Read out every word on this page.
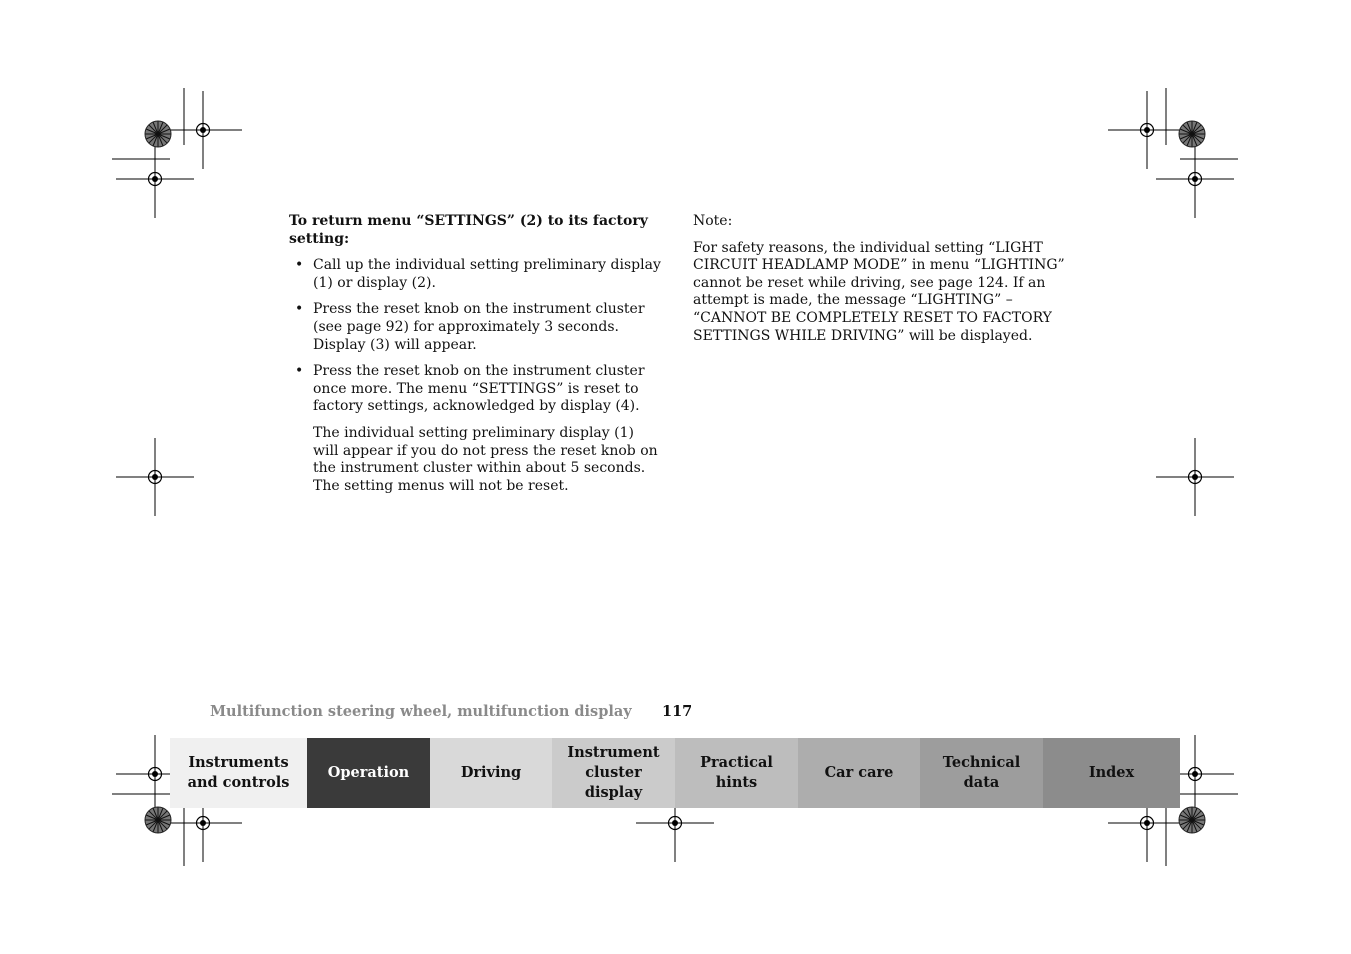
To return menu “SETTINGS” (2) to its factory setting:

• Call up the individual setting preliminary display (1) or display (2).
• Press the reset knob on the instrument cluster (see page 92) for approximately 3 seconds. Display (3) will appear.
• Press the reset knob on the instrument cluster once more. The menu “SETTINGS” is reset to factory settings, acknowledged by display (4).

The individual setting preliminary display (1) will appear if you do not press the reset knob on the instrument cluster within about 5 seconds. The setting menus will not be reset.

Note:

For safety reasons, the individual setting “LIGHT CIRCUIT HEADLAMP MODE” in menu “LIGHTING” cannot be reset while driving, see page 124. If an attempt is made, the message “LIGHTING” – “CANNOT BE COMPLETELY RESET TO FACTORY SETTINGS WHILE DRIVING” will be displayed.

Multifunction steering wheel, multifunction display 117
Instruments
and controls
Operation	Driving
Instrument
cluster display
Practical hints
Car care
Technical
data
Index
